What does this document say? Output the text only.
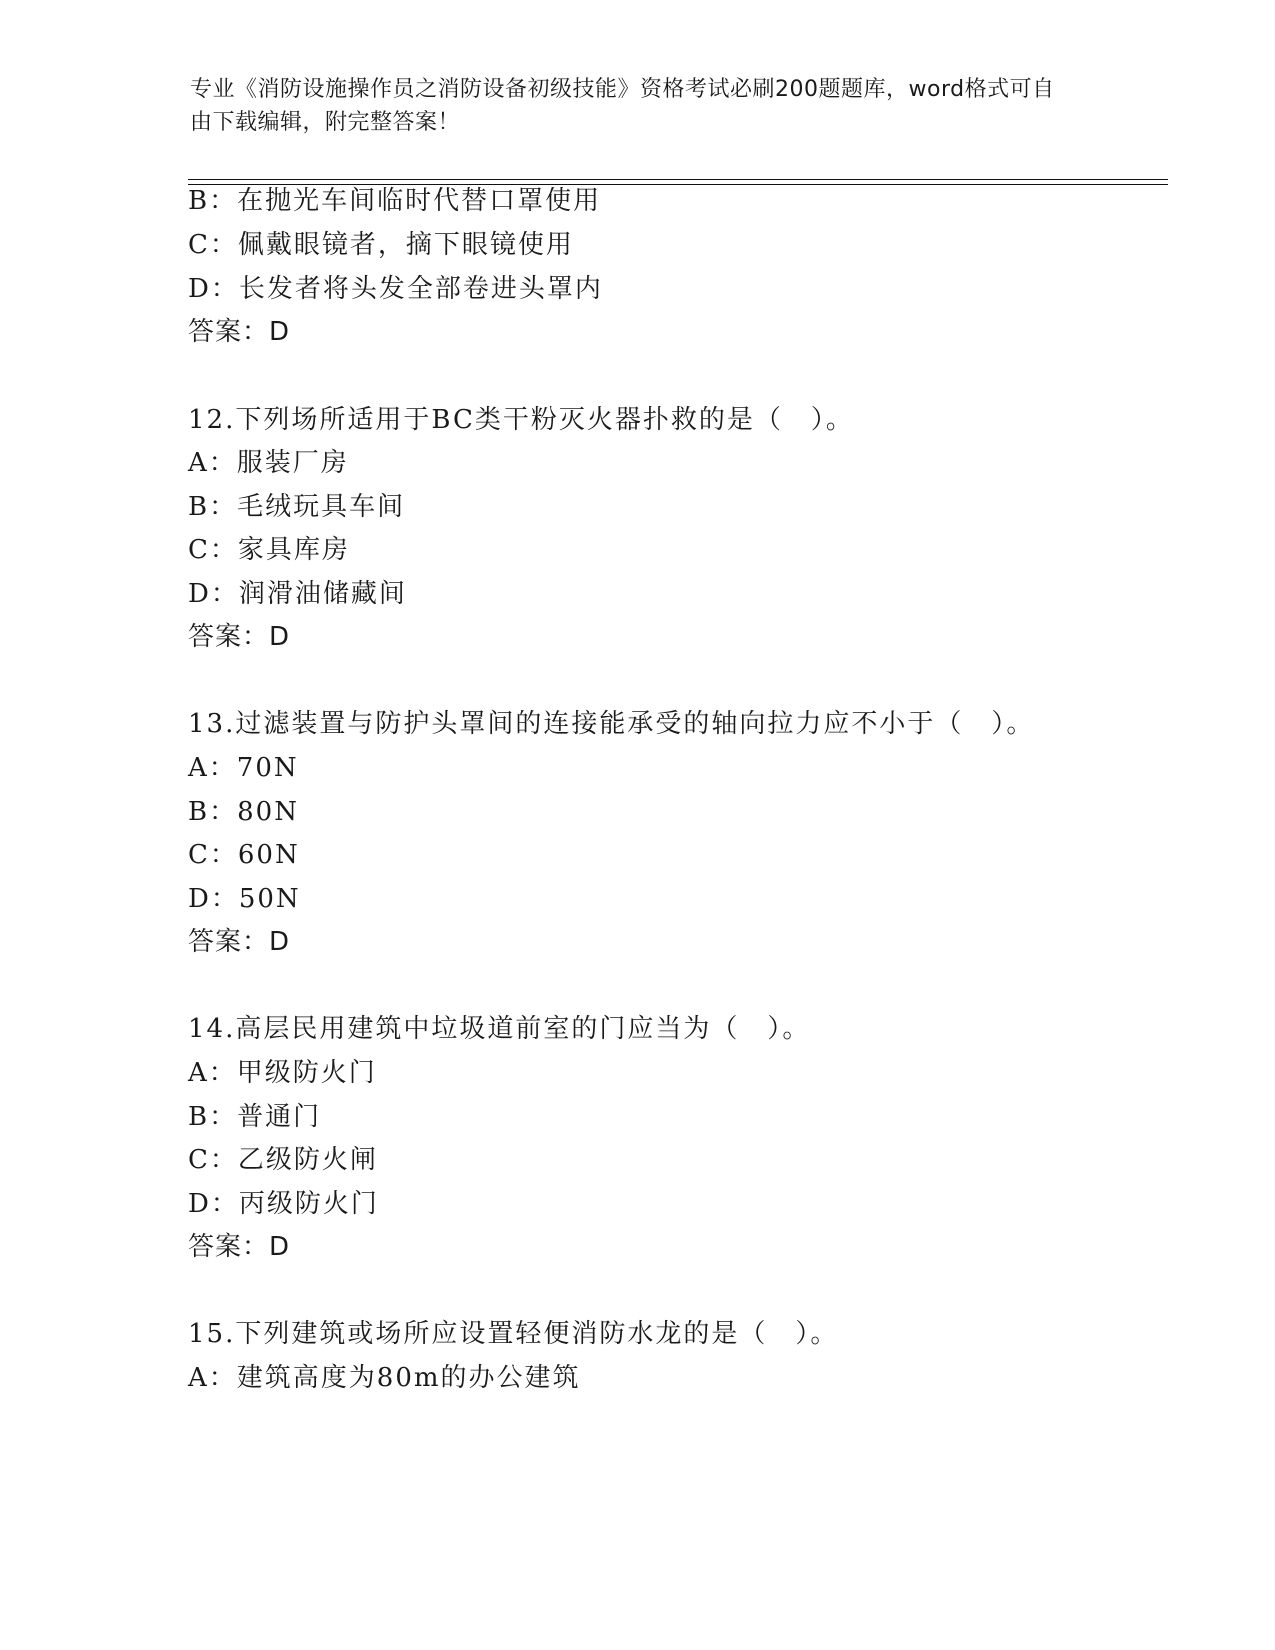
专业《消防设施操作员之消防设备初级技能》资格考试必刷200题题库，word格式可自由下载编辑，附完整答案！
B：在抛光车间临时代替口罩使用
C：佩戴眼镜者，摘下眼镜使用
D：长发者将头发全部卷进头罩内
答案：D
12.下列场所适用于BC类干粉灭火器扑救的是（　）。
A：服装厂房
B：毛绒玩具车间
C：家具库房
D：润滑油储藏间
答案：D
13.过滤装置与防护头罩间的连接能承受的轴向拉力应不小于（　）。
A：70N
B：80N
C：60N
D：50N
答案：D
14.高层民用建筑中垃圾道前室的门应当为（　）。
A：甲级防火门
B：普通门
C：乙级防火闸
D：丙级防火门
答案：D
15.下列建筑或场所应设置轻便消防水龙的是（　）。
A：建筑高度为80m的办公建筑
